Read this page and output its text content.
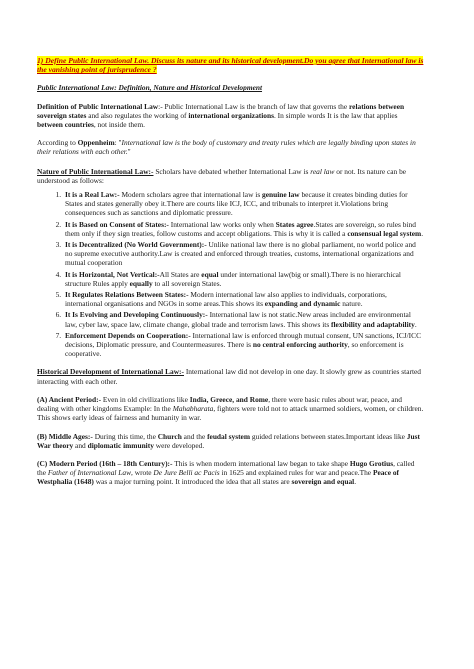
1) Define Public International Law. Discuss its nature and its historical development.Do you agree that International law is the vanishing point of jurisprudence ?

Public International Law: Definition, Nature and Historical Development

Definition of Public International Law:- Public International Law is the branch of law that governs the relations between sovereign states and also regulates the working of international organizations. In simple words It is the law that applies between countries, not inside them.

According to Oppenheim: "International law is the body of customary and treaty rules which are legally binding upon states in their relations with each other."

Nature of Public International Law:- Scholars have debated whether International Law is real law or not. Its nature can be understood as follows:

1. It is a Real Law:- Modern scholars agree that international law is genuine law because it creates binding duties for States and states generally obey it.There are courts like ICJ, ICC, and tribunals to interpret it.Violations bring consequences such as sanctions and diplomatic pressure.
2. It is Based on Consent of States:- International law works only when States agree.States are sovereign, so rules bind them only if they sign treaties, follow customs and accept obligations. This is why it is called a consensual legal system.
3. It is Decentralized (No World Government):- Unlike national law there is no global parliament, no world police and no supreme executive authority.Law is created and enforced through treaties, customs, international organizations and mutual cooperation
4. It is Horizontal, Not Vertical:-All States are equal under international law(big or small).There is no hierarchical structure Rules apply equally to all sovereign States.
5. It Regulates Relations Between States:- Modern international law also applies to individuals, corporations, international organisations and NGOs in some areas.This shows its expanding and dynamic nature.
6. It Is Evolving and Developing Continuously:- International law is not static.New areas included are environmental law, cyber law, space law, climate change, global trade and terrorism laws. This shows its flexibility and adaptability.
7. Enforcement Depends on Cooperation:- International law is enforced through mutual consent, UN sanctions, ICJ/ICC decisions, Diplomatic pressure, and Countermeasures. There is no central enforcing authority, so enforcement is cooperative.

Historical Development of International Law:- International law did not develop in one day. It slowly grew as countries started interacting with each other.

(A) Ancient Period:- Even in old civilizations like India, Greece, and Rome, there were basic rules about war, peace, and dealing with other kingdoms Example: In the Mahabharata, fighters were told not to attack unarmed soldiers, women, or children. This shows early ideas of fairness and humanity in war.

(B) Middle Ages:- During this time, the Church and the feudal system guided relations between states.Important ideas like Just War theory and diplomatic immunity were developed.

(C) Modern Period (16th – 18th Century):- This is when modern international law began to take shape Hugo Grotius, called the Father of International Law, wrote De Jure Belli ac Pacis in 1625 and explained rules for war and peace.The Peace of Westphalia (1648) was a major turning point. It introduced the idea that all states are sovereign and equal.
